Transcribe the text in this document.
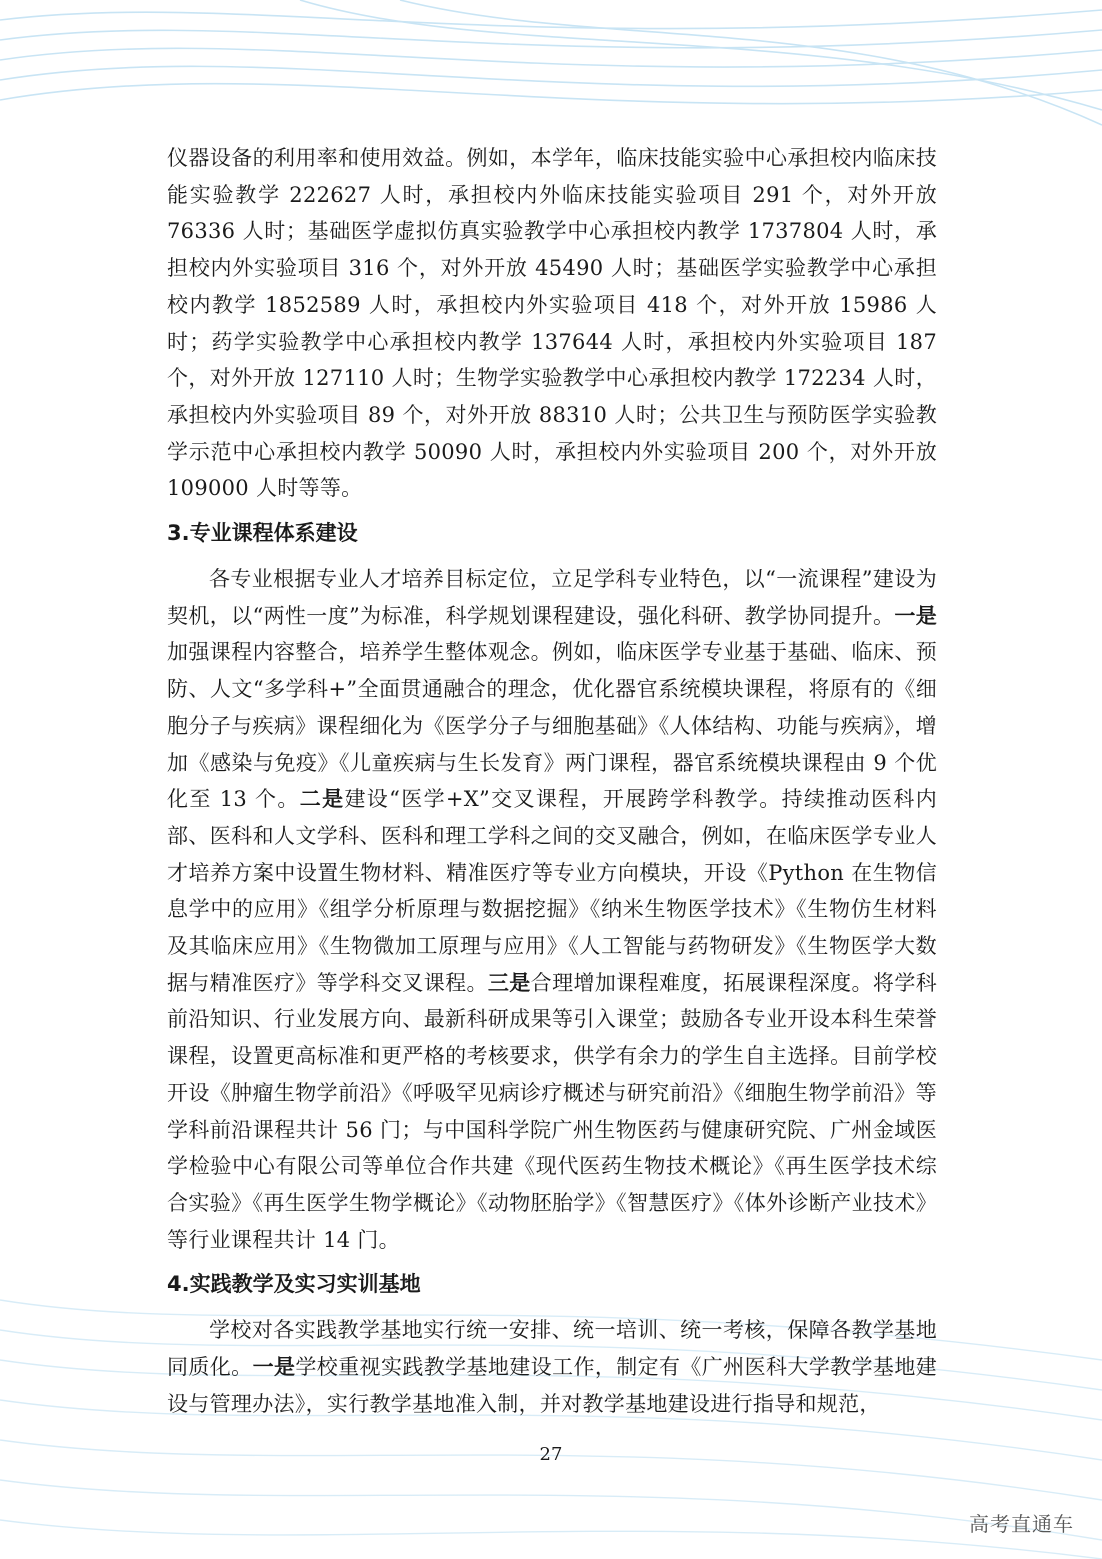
仪器设备的利用率和使用效益。例如，本学年，临床技能实验中心承担校内临床技能实验教学 222627 人时，承担校内外临床技能实验项目 291 个，对外开放 76336 人时；基础医学虚拟仿真实验教学中心承担校内教学 1737804 人时，承担校内外实验项目 316 个，对外开放 45490 人时；基础医学实验教学中心承担校内教学 1852589 人时，承担校内外实验项目 418 个，对外开放 15986 人时；药学实验教学中心承担校内教学 137644 人时，承担校内外实验项目 187 个，对外开放 127110 人时；生物学实验教学中心承担校内教学 172234 人时，承担校内外实验项目 89 个，对外开放 88310 人时；公共卫生与预防医学实验教学示范中心承担校内教学 50090 人时，承担校内外实验项目 200 个，对外开放 109000 人时等等。

3.专业课程体系建设

各专业根据专业人才培养目标定位，立足学科专业特色，以“一流课程”建设为契机，以“两性一度”为标准，科学规划课程建设，强化科研、教学协同提升。一是加强课程内容整合，培养学生整体观念。例如，临床医学专业基于基础、临床、预防、人文“多学科+”全面贯通融合的理念，优化器官系统模块课程，将原有的《细胞分子与疾病》课程细化为《医学分子与细胞基础》《人体结构、功能与疾病》，增加《感染与免疫》《儿童疾病与生长发育》两门课程，器官系统模块课程由 9 个优化至 13 个。二是建设“医学+X”交叉课程，开展跨学科教学。持续推动医科内部、医科和人文学科、医科和理工学科之间的交叉融合，例如，在临床医学专业人才培养方案中设置生物材料、精准医疗等专业方向模块，开设《Python 在生物信息学中的应用》《组学分析原理与数据挖掘》《纳米生物医学技术》《生物仿生材料及其临床应用》《生物微加工原理与应用》《人工智能与药物研发》《生物医学大数据与精准医疗》等学科交叉课程。三是合理增加课程难度，拓展课程深度。将学科前沿知识、行业发展方向、最新科研成果等引入课堂；鼓励各专业开设本科生荣誉课程，设置更高标准和更严格的考核要求，供学有余力的学生自主选择。目前学校开设《肿瘤生物学前沿》《呼吸罕见病诊疗概述与研究前沿》《细胞生物学前沿》等学科前沿课程共计 56 门；与中国科学院广州生物医药与健康研究院、广州金域医学检验中心有限公司等单位合作共建《现代医药生物技术概论》《再生医学技术综合实验》《再生医学生物学概论》《动物胚胎学》《智慧医疗》《体外诊断产业技术》等行业课程共计 14 门。

4.实践教学及实习实训基地

学校对各实践教学基地实行统一安排、统一培训、统一考核，保障各教学基地同质化。一是学校重视实践教学基地建设工作，制定有《广州医科大学教学基地建设与管理办法》，实行教学基地准入制，并对教学基地建设进行指导和规范，

27
高考直通车
